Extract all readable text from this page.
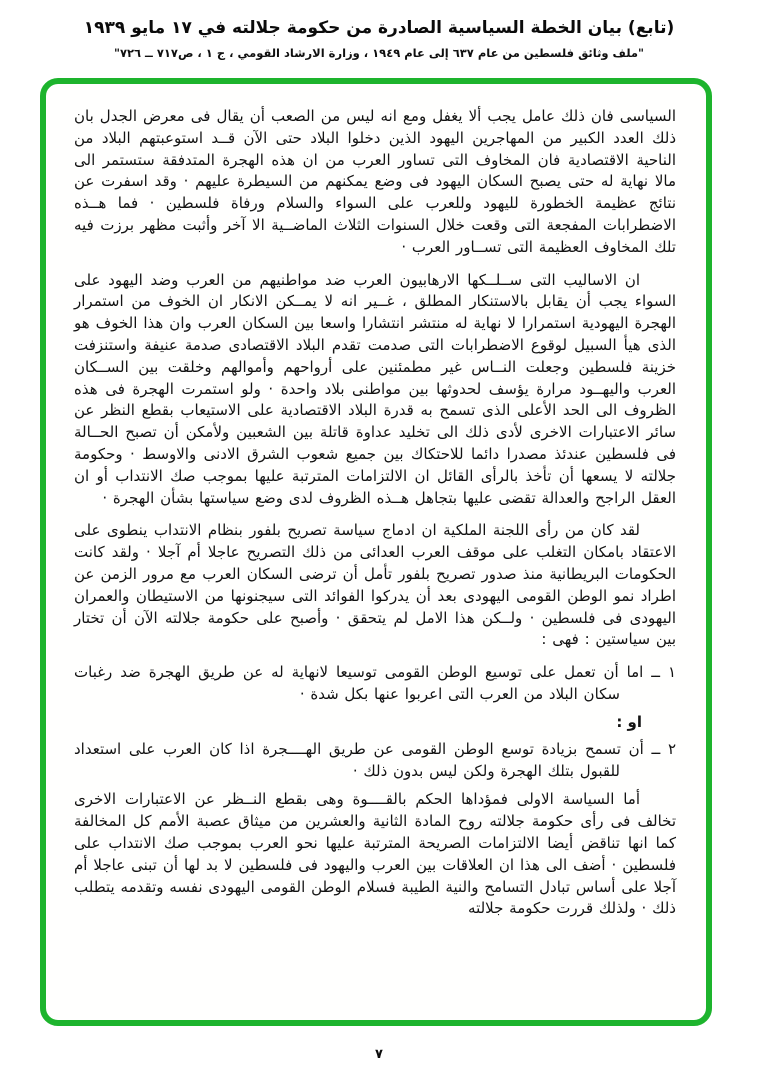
(تابع) بيان الخطة السياسية الصادرة من حكومة جلالته في ١٧ مايو ١٩٣٩
"ملف وثائق فلسطين من عام ٦٣٧ إلى عام ١٩٤٩ ، وزارة الارشاد القومي ، ج ١ ، ص٧١٧ ــ ٧٢٦"

السياسى فان ذلك عامل يجب ألا يغفل ومع انه ليس من الصعب أن يقال فى معرض الجدل بان ذلك العدد الكبير من المهاجرين اليهود الذين دخلوا البلاد حتى الآن قــد استوعبتهم البلاد من الناحية الاقتصادية فان المخاوف التى تساور العرب من ان هذه الهجرة المتدفقة ستستمر الى مالا نهاية له حتى يصبح السكان اليهود فى وضع يمكنهم من السيطرة عليهم · وقد اسفرت عن نتائج عظيمة الخطورة لليهود وللعرب على السواء والسلام ورفاة فلسطين · فما هــذه الاضطرابات المفجعة التى وقعت خلال السنوات الثلاث الماضــية الا آخر وأثبت مظهر برزت فيه تلك المخاوف العظيمة التى تســاور العرب ·

ان الاساليب التى ســلــكها الارهابيون العرب ضد مواطنيهم من العرب وضد اليهود على السواء يجب أن يقابل بالاستنكار المطلق ، غــير انه لا يمــكن الانكار ان الخوف من استمرار الهجرة اليهودية استمرارا لا نهاية له منتشر انتشارا واسعا بين السكان العرب وان هذا الخوف هو الذى هيأ السبيل لوقوع الاضطرابات التى صدمت تقدم البلاد الاقتصادى صدمة عنيفة واستنزفت خزينة فلسطين وجعلت النــاس غير مطمئنين على أرواحهم وأموالهم وخلقت بين الســكان العرب واليهــود مرارة يؤسف لحدوثها بين مواطنى بلاد واحدة · ولو استمرت الهجرة فى هذه الظروف الى الحد الأعلى الذى تسمح به قدرة البلاد الاقتصادية على الاستيعاب بقطع النظر عن سائر الاعتبارات الاخرى لأدى ذلك الى تخليد عداوة قاتلة بين الشعبين ولأمكن أن تصبح الحــالة فى فلسطين عندئذ مصدرا دائما للاحتكاك بين جميع شعوب الشرق الادنى والاوسط · وحكومة جلالته لا يسعها أن تأخذ بالرأى القائل ان الالتزامات المترتبة عليها بموجب صك الانتداب أو ان العقل الراجح والعدالة تقضى عليها بتجاهل هــذه الظروف لدى وضع سياستها بشأن الهجرة ·

لقد كان من رأى اللجنة الملكية ان ادماج سياسة تصريح بلفور بنظام الانتداب ينطوى على الاعتقاد بامكان التغلب على موقف العرب العدائى من ذلك التصريح عاجلا أم آجلا · ولقد كانت الحكومات البريطانية منذ صدور تصريح بلفور تأمل أن ترضى السكان العرب مع مرور الزمن عن اطراد نمو الوطن القومى اليهودى بعد أن يدركوا الفوائد التى سيجنونها من الاستيطان والعمران اليهودى فى فلسطين · ولــكن هذا الامل لم يتحقق · وأصبح على حكومة جلالته الآن أن تختار بين سياستين : فهى :

١ ــ اما أن تعمل على توسيع الوطن القومى توسيعا لانهاية له عن طريق الهجرة ضد رغبات سكان البلاد من العرب التى اعربوا عنها بكل شدة ·
او :
٢ ــ أن تسمح بزيادة توسع الوطن القومى عن طريق الهــــجرة اذا كان العرب على استعداد للقبول بتلك الهجرة ولكن ليس بدون ذلك ·

أما السياسة الاولى فمؤداها الحكم بالقــــوة وهى بقطع النــظر عن الاعتبارات الاخرى تخالف فى رأى حكومة جلالته روح المادة الثانية والعشرين من ميثاق عصبة الأمم كل المخالفة كما انها تناقض أيضا الالتزامات الصريحة المترتبة عليها نحو العرب بموجب صك الانتداب على فلسطين · أضف الى هذا ان العلاقات بين العرب واليهود فى فلسطين لا بد لها أن تبنى عاجلا أم آجلا على أساس تبادل التسامح والنية الطيبة فسلام الوطن القومى اليهودى نفسه وتقدمه يتطلب ذلك · ولذلك قررت حكومة جلالته

٧
